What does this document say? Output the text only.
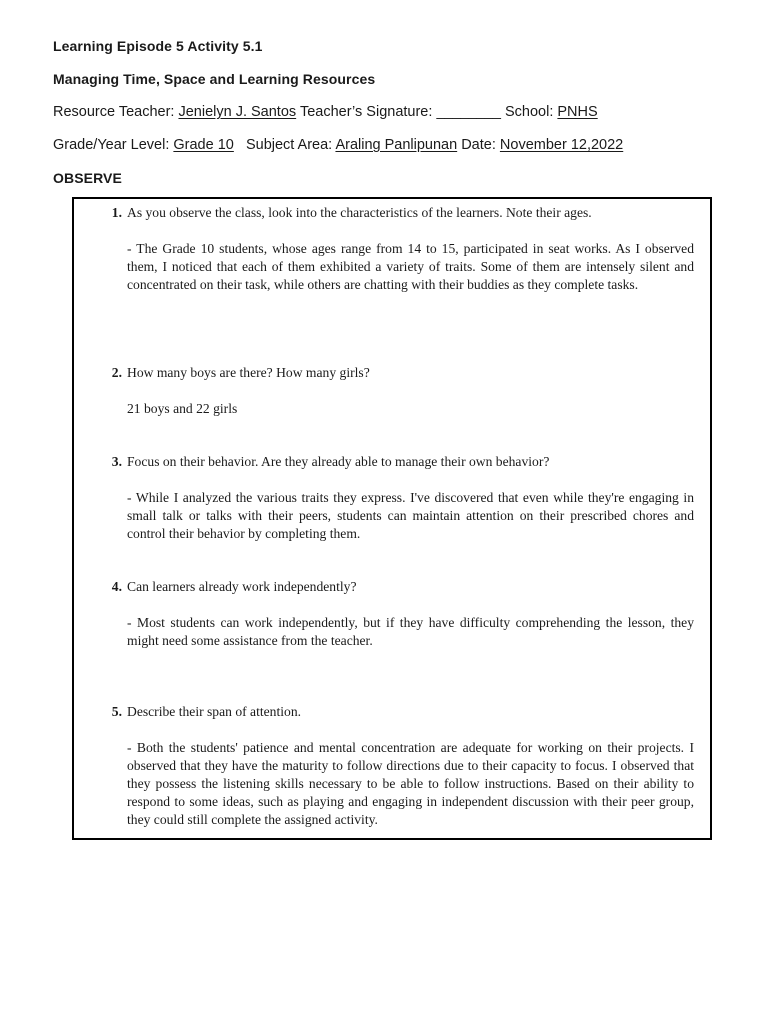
Learning Episode 5 Activity 5.1
Managing Time, Space and Learning Resources
Resource Teacher: Jenielyn J. Santos Teacher’s Signature: ________ School: PNHS
Grade/Year Level: Grade 10 Subject Area: Araling Panlipunan Date: November 12,2022
OBSERVE
1. As you observe the class, look into the characteristics of the learners. Note their ages.
- The Grade 10 students, whose ages range from 14 to 15, participated in seat works. As I observed them, I noticed that each of them exhibited a variety of traits. Some of them are intensely silent and concentrated on their task, while others are chatting with their buddies as they complete tasks.
2. How many boys are there? How many girls?
21 boys and 22 girls
3. Focus on their behavior. Are they already able to manage their own behavior?
- While I analyzed the various traits they express. I've discovered that even while they're engaging in small talk or talks with their peers, students can maintain attention on their prescribed chores and control their behavior by completing them.
4. Can learners already work independently?
- Most students can work independently, but if they have difficulty comprehending the lesson, they might need some assistance from the teacher.
5. Describe their span of attention.
- Both the students' patience and mental concentration are adequate for working on their projects. I observed that they have the maturity to follow directions due to their capacity to focus. I observed that they possess the listening skills necessary to be able to follow instructions. Based on their ability to respond to some ideas, such as playing and engaging in independent discussion with their peer group, they could still complete the assigned activity.
